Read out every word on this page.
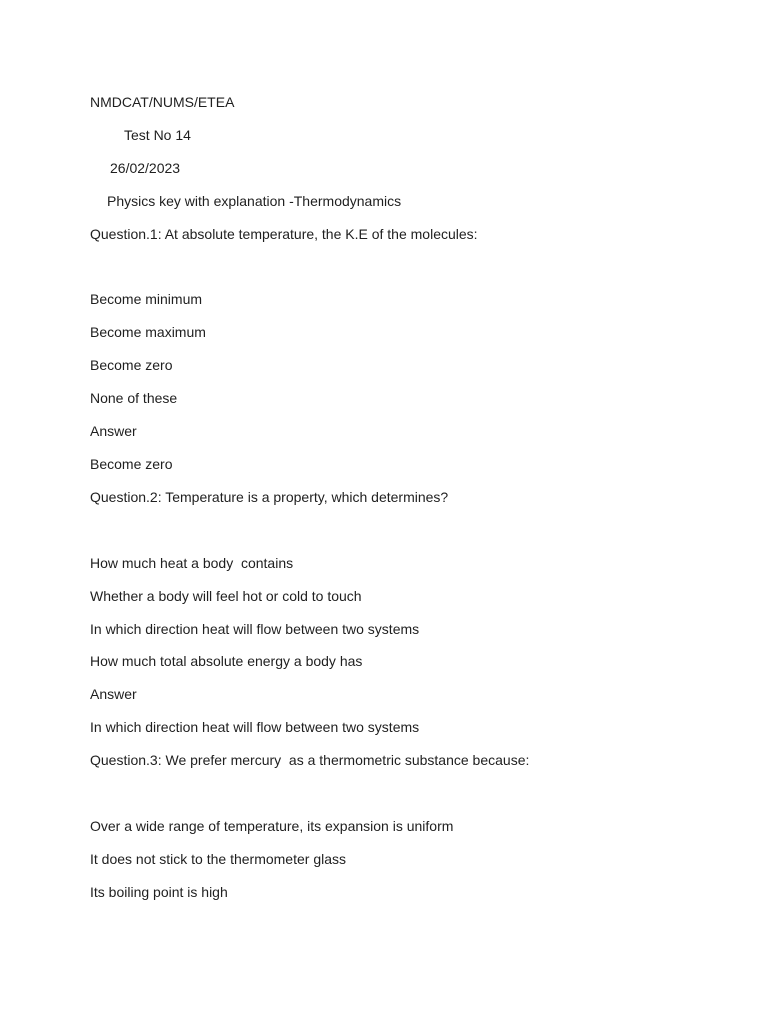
NMDCAT/NUMS/ETEA
Test No 14
26/02/2023
Physics key with explanation -Thermodynamics
Question.1: At absolute temperature, the K.E of the molecules:
Become minimum
Become maximum
Become zero
None of these
Answer
Become zero
Question.2: Temperature is a property, which determines?
How much heat a body  contains
Whether a body will feel hot or cold to touch
In which direction heat will flow between two systems
How much total absolute energy a body has
Answer
In which direction heat will flow between two systems
Question.3: We prefer mercury  as a thermometric substance because:
Over a wide range of temperature, its expansion is uniform
It does not stick to the thermometer glass
Its boiling point is high
